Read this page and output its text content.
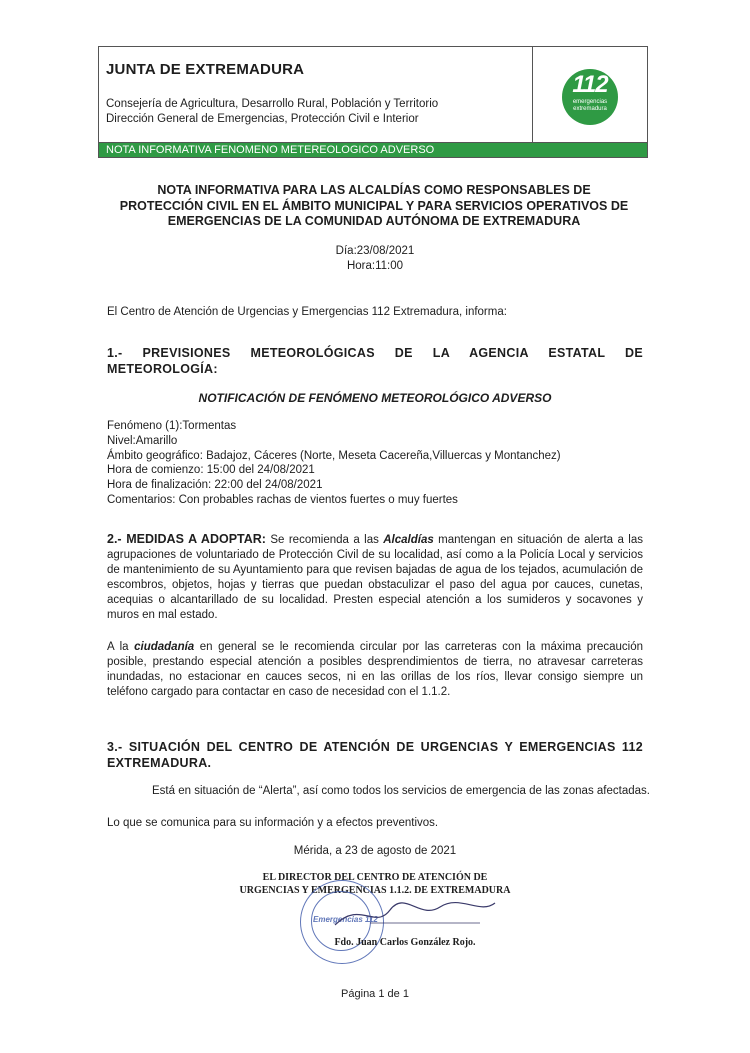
JUNTA DE EXTREMADURA
Consejería de Agricultura, Desarrollo Rural, Población y Territorio
Dirección General de Emergencias, Protección Civil e Interior
112
emergencias
extremadura
NOTA INFORMATIVA FENOMENO METEREOLOGICO ADVERSO
NOTA INFORMATIVA PARA LAS ALCALDÍAS COMO RESPONSABLES DE
PROTECCIÓN CIVIL EN EL ÁMBITO MUNICIPAL Y PARA SERVICIOS OPERATIVOS DE
EMERGENCIAS DE LA COMUNIDAD AUTÓNOMA DE EXTREMADURA
Día:23/08/2021
Hora:11:00
El Centro de Atención de Urgencias y Emergencias 112 Extremadura, informa:
1.- PREVISIONES METEOROLÓGICAS DE LA AGENCIA ESTATAL DE METEOROLOGÍA:
NOTIFICACIÓN DE FENÓMENO METEOROLÓGICO ADVERSO
Fenómeno (1):Tormentas
Nivel:Amarillo
Ámbito geográfico: Badajoz, Cáceres (Norte, Meseta Cacereña,Villuercas y Montanchez)
Hora de comienzo: 15:00 del 24/08/2021
Hora de finalización: 22:00 del 24/08/2021
Comentarios: Con probables rachas de vientos fuertes o muy fuertes
2.- MEDIDAS A ADOPTAR: Se recomienda a las Alcaldías mantengan en situación de alerta a las agrupaciones de voluntariado de Protección Civil de su localidad, así como a la Policía Local y servicios de mantenimiento de su Ayuntamiento para que revisen bajadas de agua de los tejados, acumulación de escombros, objetos, hojas y tierras que puedan obstaculizar el paso del agua por cauces, cunetas, acequias o alcantarillado de su localidad. Presten especial atención a los sumideros y socavones y muros en mal estado.
A la ciudadanía en general se le recomienda circular por las carreteras con la máxima precaución posible, prestando especial atención a posibles desprendimientos de tierra, no atravesar carreteras inundadas, no estacionar en cauces secos, ni en las orillas de los ríos, llevar consigo siempre un teléfono cargado para contactar en caso de necesidad con el 1.1.2.
3.- SITUACIÓN DEL CENTRO DE ATENCIÓN DE URGENCIAS Y EMERGENCIAS 112 EXTREMADURA.
Está en situación de “Alerta”, así como todos los servicios de emergencia de las zonas afectadas.
Lo que se comunica para su información y a efectos preventivos.
Mérida, a 23 de agosto de 2021
EL DIRECTOR DEL CENTRO DE ATENCIÓN DE
URGENCIAS Y EMERGENCIAS 1.1.2. DE EXTREMADURA
Emergencias 112
Fdo. Juan Carlos González Rojo.
Página 1 de 1
